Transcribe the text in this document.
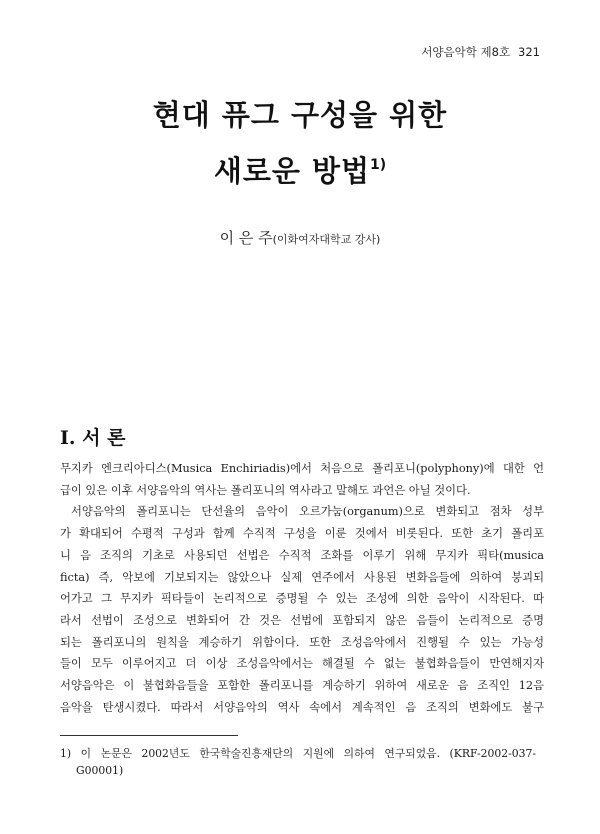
서양음악학 제8호 321
현대 퓨그 구성을 위한
새로운 방법$^{1)}$
이 은 주(이화여자대학교 강사)
I. 서 론
무지카 엔크리아디스(Musica Enchiriadis)에서 처음으로 폴리포니(polyphony)에 대한 언
급이 있은 이후 서양음악의 역사는 폴리포니의 역사라고 말해도 과언은 아닐 것이다.
서양음악의 폴리포니는 단선율의 음악이 오르가눔(organum)으로 변화되고 점차 성부
가 확대되어 수평적 구성과 함께 수직적 구성을 이룬 것에서 비롯된다. 또한 초기 폴리포
니 음 조직의 기초로 사용되던 선법은 수직적 조화를 이루기 위해 무지카 픽타(musica
ficta) 즉, 악보에 기보되지는 않았으나 실제 연주에서 사용된 변화음들에 의하여 붕괴되
어가고 그 무지카 픽타들이 논리적으로 증명될 수 있는 조성에 의한 음악이 시작된다. 따
라서 선법이 조성으로 변화되어 간 것은 선법에 포함되지 않은 음들이 논리적으로 증명
되는 폴리포니의 원칙을 계승하기 위함이다. 또한 조성음악에서 진행될 수 있는 가능성
들이 모두 이루어지고 더 이상 조성음악에서는 해결될 수 없는 불협화음들이 만연해지자
서양음악은 이 불협화음들을 포함한 폴리포니를 계승하기 위하여 새로운 음 조직인 12음
음악을 탄생시켰다. 따라서 서양음악의 역사 속에서 계속적인 음 조직의 변화에도 불구
1) 이 논문은 2002년도 한국학술진흥재단의 지원에 의하여 연구되었음. (KRF-2002-037-
G00001)
